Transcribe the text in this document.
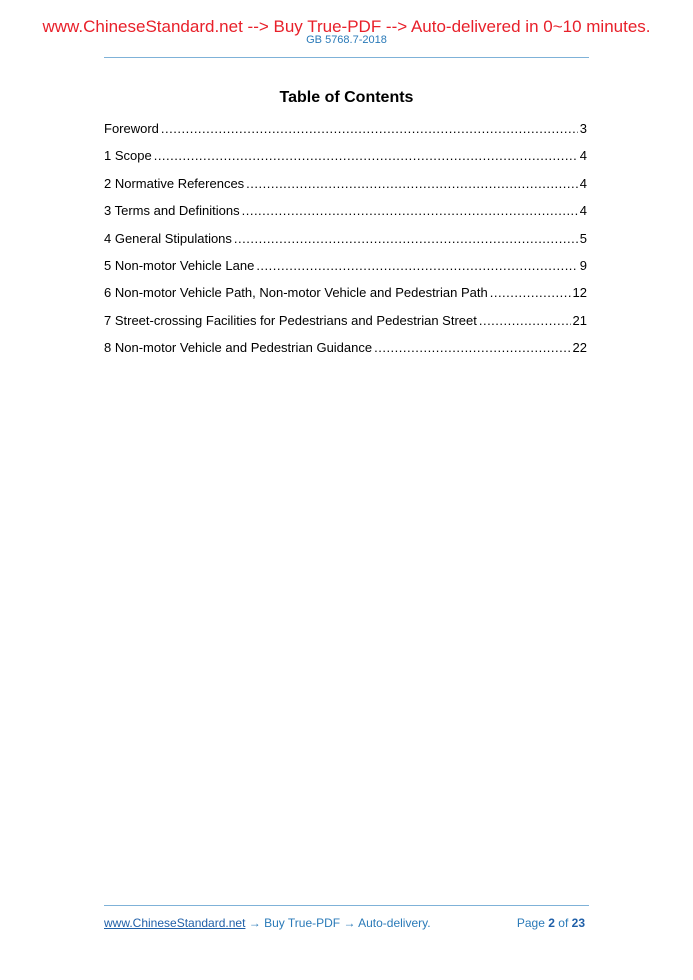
www.ChineseStandard.net --> Buy True-PDF --> Auto-delivered in 0~10 minutes.
GB 5768.7-2018
Table of Contents
Foreword .....	3
1 Scope .....	4
2 Normative References .....	4
3 Terms and Definitions .....	4
4 General Stipulations .....	5
5 Non-motor Vehicle Lane .....	9
6 Non-motor Vehicle Path, Non-motor Vehicle and Pedestrian Path .....	12
7 Street-crossing Facilities for Pedestrians and Pedestrian Street .....	21
8 Non-motor Vehicle and Pedestrian Guidance .....	22
www.ChineseStandard.net → Buy True-PDF → Auto-delivery.	Page 2 of 23
